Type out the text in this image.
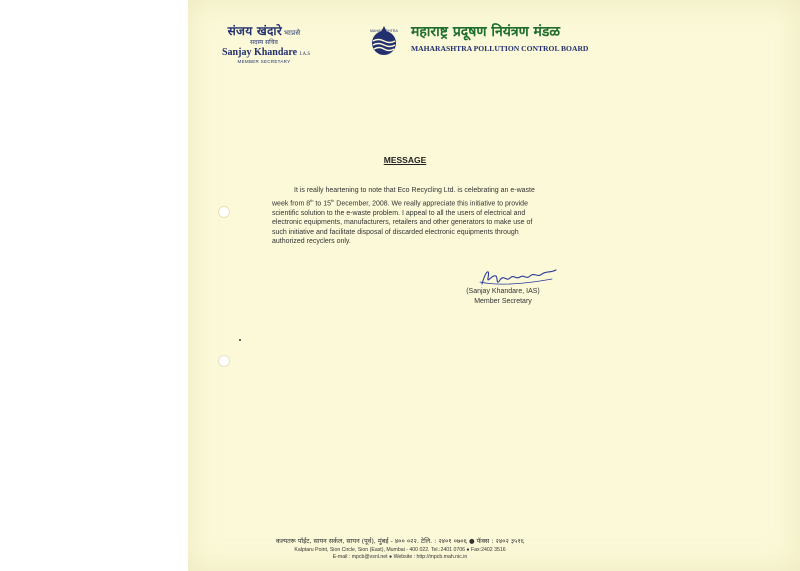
संजय खंदारे भाप्रसे
सदस्य सचिव
Sanjay Khandare I.A.S
MEMBER SECRETARY
MAHARASHTRA महाराष्ट्र प्रदूषण नियंत्रण मंडळ
MAHARASHTRA POLLUTION CONTROL BOARD
MESSAGE

It is really heartening to note that Eco Recycling Ltd. is celebrating an e-waste week from 8th to 15th December, 2008. We really appreciate this initiative to provide scientific solution to the e-waste problem. I appeal to all the users of electrical and electronic equipments, manufacturers, retailers and other generators to make use of such initiative and facilitate disposal of discarded electronic equipments through authorized recyclers only.

(Sanjay Khandare, IAS)
Member Secretary
कल्पतरू पॉईंट, सायन सर्कल, सायन (पूर्व), मुंबई - ४०० ०२२. टेलि. : २४०१ ०७०६ ● फॅक्स : २४०२ ३५१६
Kalptaru Point, Sion Circle, Sion (East), Mumbai - 400 022. Tel.:2401 0706 ● Fax:2402 3516
E-mail : mpcb@vsnl.net ● Website : http://mpcb.mah.nic.in
